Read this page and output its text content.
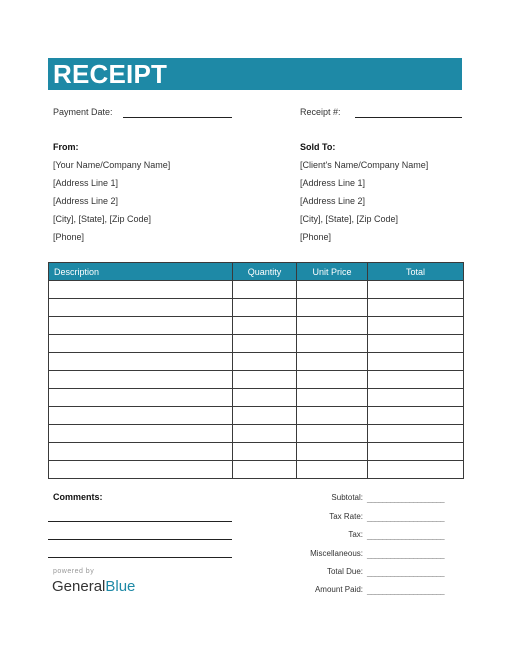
RECEIPT
Payment Date:	Receipt #:
From:
[Your Name/Company Name]
[Address Line 1]
[Address Line 2]
[City], [State], [Zip Code]
[Phone]
Sold To:
[Client's Name/Company Name]
[Address Line 1]
[Address Line 2]
[City], [State], [Zip Code]
[Phone]
Description	Quantity	Unit Price	Total

Comments:
powered by
GeneralBlue
Subtotal: ____________________
Tax Rate: ____________________
Tax: ____________________
Miscellaneous: ____________________
Total Due: ____________________
Amount Paid: ____________________
